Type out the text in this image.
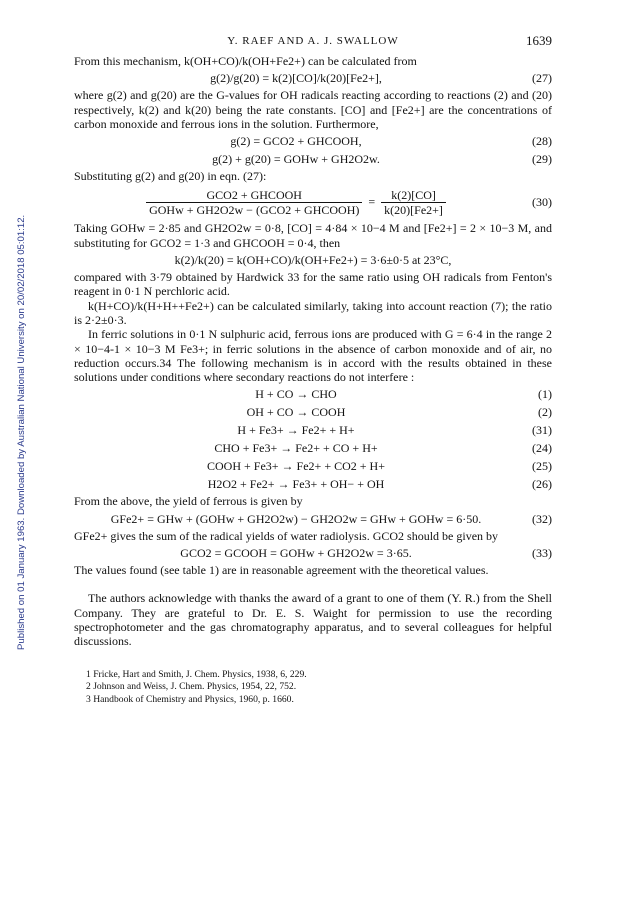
Published on 01 January 1963. Downloaded by Australian National University on 20/02/2018 05:01:12.
Y. RAEF AND A. J. SWALLOW	1639

From this mechanism, k(OH+CO)/k(OH+Fe2+) can be calculated from

g(2)/g(20) = k(2)[CO]/k(20)[Fe2+],	(27)

where g(2) and g(20) are the G-values for OH radicals reacting according to reactions (2) and (20) respectively, k(2) and k(20) being the rate constants. [CO] and [Fe2+] are the concentrations of carbon monoxide and ferrous ions in the solution. Furthermore,

g(2) = GCO2 + GHCOOH,	(28)
g(2) + g(20) = GOHw + GH2O2w.	(29)

Substituting g(2) and g(20) in eqn. (27):

$\frac{\text{GCO2 + GHCOOH}}{\text{GOHw + GH2O2w − (GCO2 + GHCOOH)}} = \frac{k(2)[CO]}{k(20)[Fe2+]}$	(30)

Taking GOHw = 2·85 and GH2O2w = 0·8, [CO] = 4·84 × 10−4 M and [Fe2+] = 2 × 10−3 M, and substituting for GCO2 = 1·3 and GHCOOH = 0·4, then

k(2)/k(20) = k(OH+CO)/k(OH+Fe2+) = 3·6±0·5 at 23°C,

compared with 3·79 obtained by Hardwick 33 for the same ratio using OH radicals from Fenton's reagent in 0·1 N perchloric acid.

k(H+CO)/k(H+H++Fe2+) can be calculated similarly, taking into account reaction (7); the ratio is 2·2±0·3.

In ferric solutions in 0·1 N sulphuric acid, ferrous ions are produced with G = 6·4 in the range 2 × 10−4-1 × 10−3 M Fe3+; in ferric solutions in the absence of carbon monoxide and of air, no reduction occurs.34 The following mechanism is in accord with the results obtained in these solutions under conditions where secondary reactions do not interfere :

H + CO → CHO	(1)
OH + CO → COOH	(2)
H + Fe3+ → Fe2+ + H+	(31)
CHO + Fe3+ → Fe2+ + CO + H+	(24)
COOH + Fe3+ → Fe2+ + CO2 + H+	(25)
H2O2 + Fe2+ → Fe3+ + OH− + OH	(26)

From the above, the yield of ferrous is given by

GFe2+ = GHw + (GOHw + GH2O2w) − GH2O2w = GHw + GOHw = 6·50.	(32)

GFe2+ gives the sum of the radical yields of water radiolysis. GCO2 should be given by

GCO2 = GCOOH = GOHw + GH2O2w = 3·65.	(33)

The values found (see table 1) are in reasonable agreement with the theoretical values.

The authors acknowledge with thanks the award of a grant to one of them (Y. R.) from the Shell Company. They are grateful to Dr. E. S. Waight for permission to use the recording spectrophotometer and the gas chromatography apparatus, and to several colleagues for helpful discussions.

1 Fricke, Hart and Smith, J. Chem. Physics, 1938, 6, 229.
2 Johnson and Weiss, J. Chem. Physics, 1954, 22, 752.
3 Handbook of Chemistry and Physics, 1960, p. 1660.
